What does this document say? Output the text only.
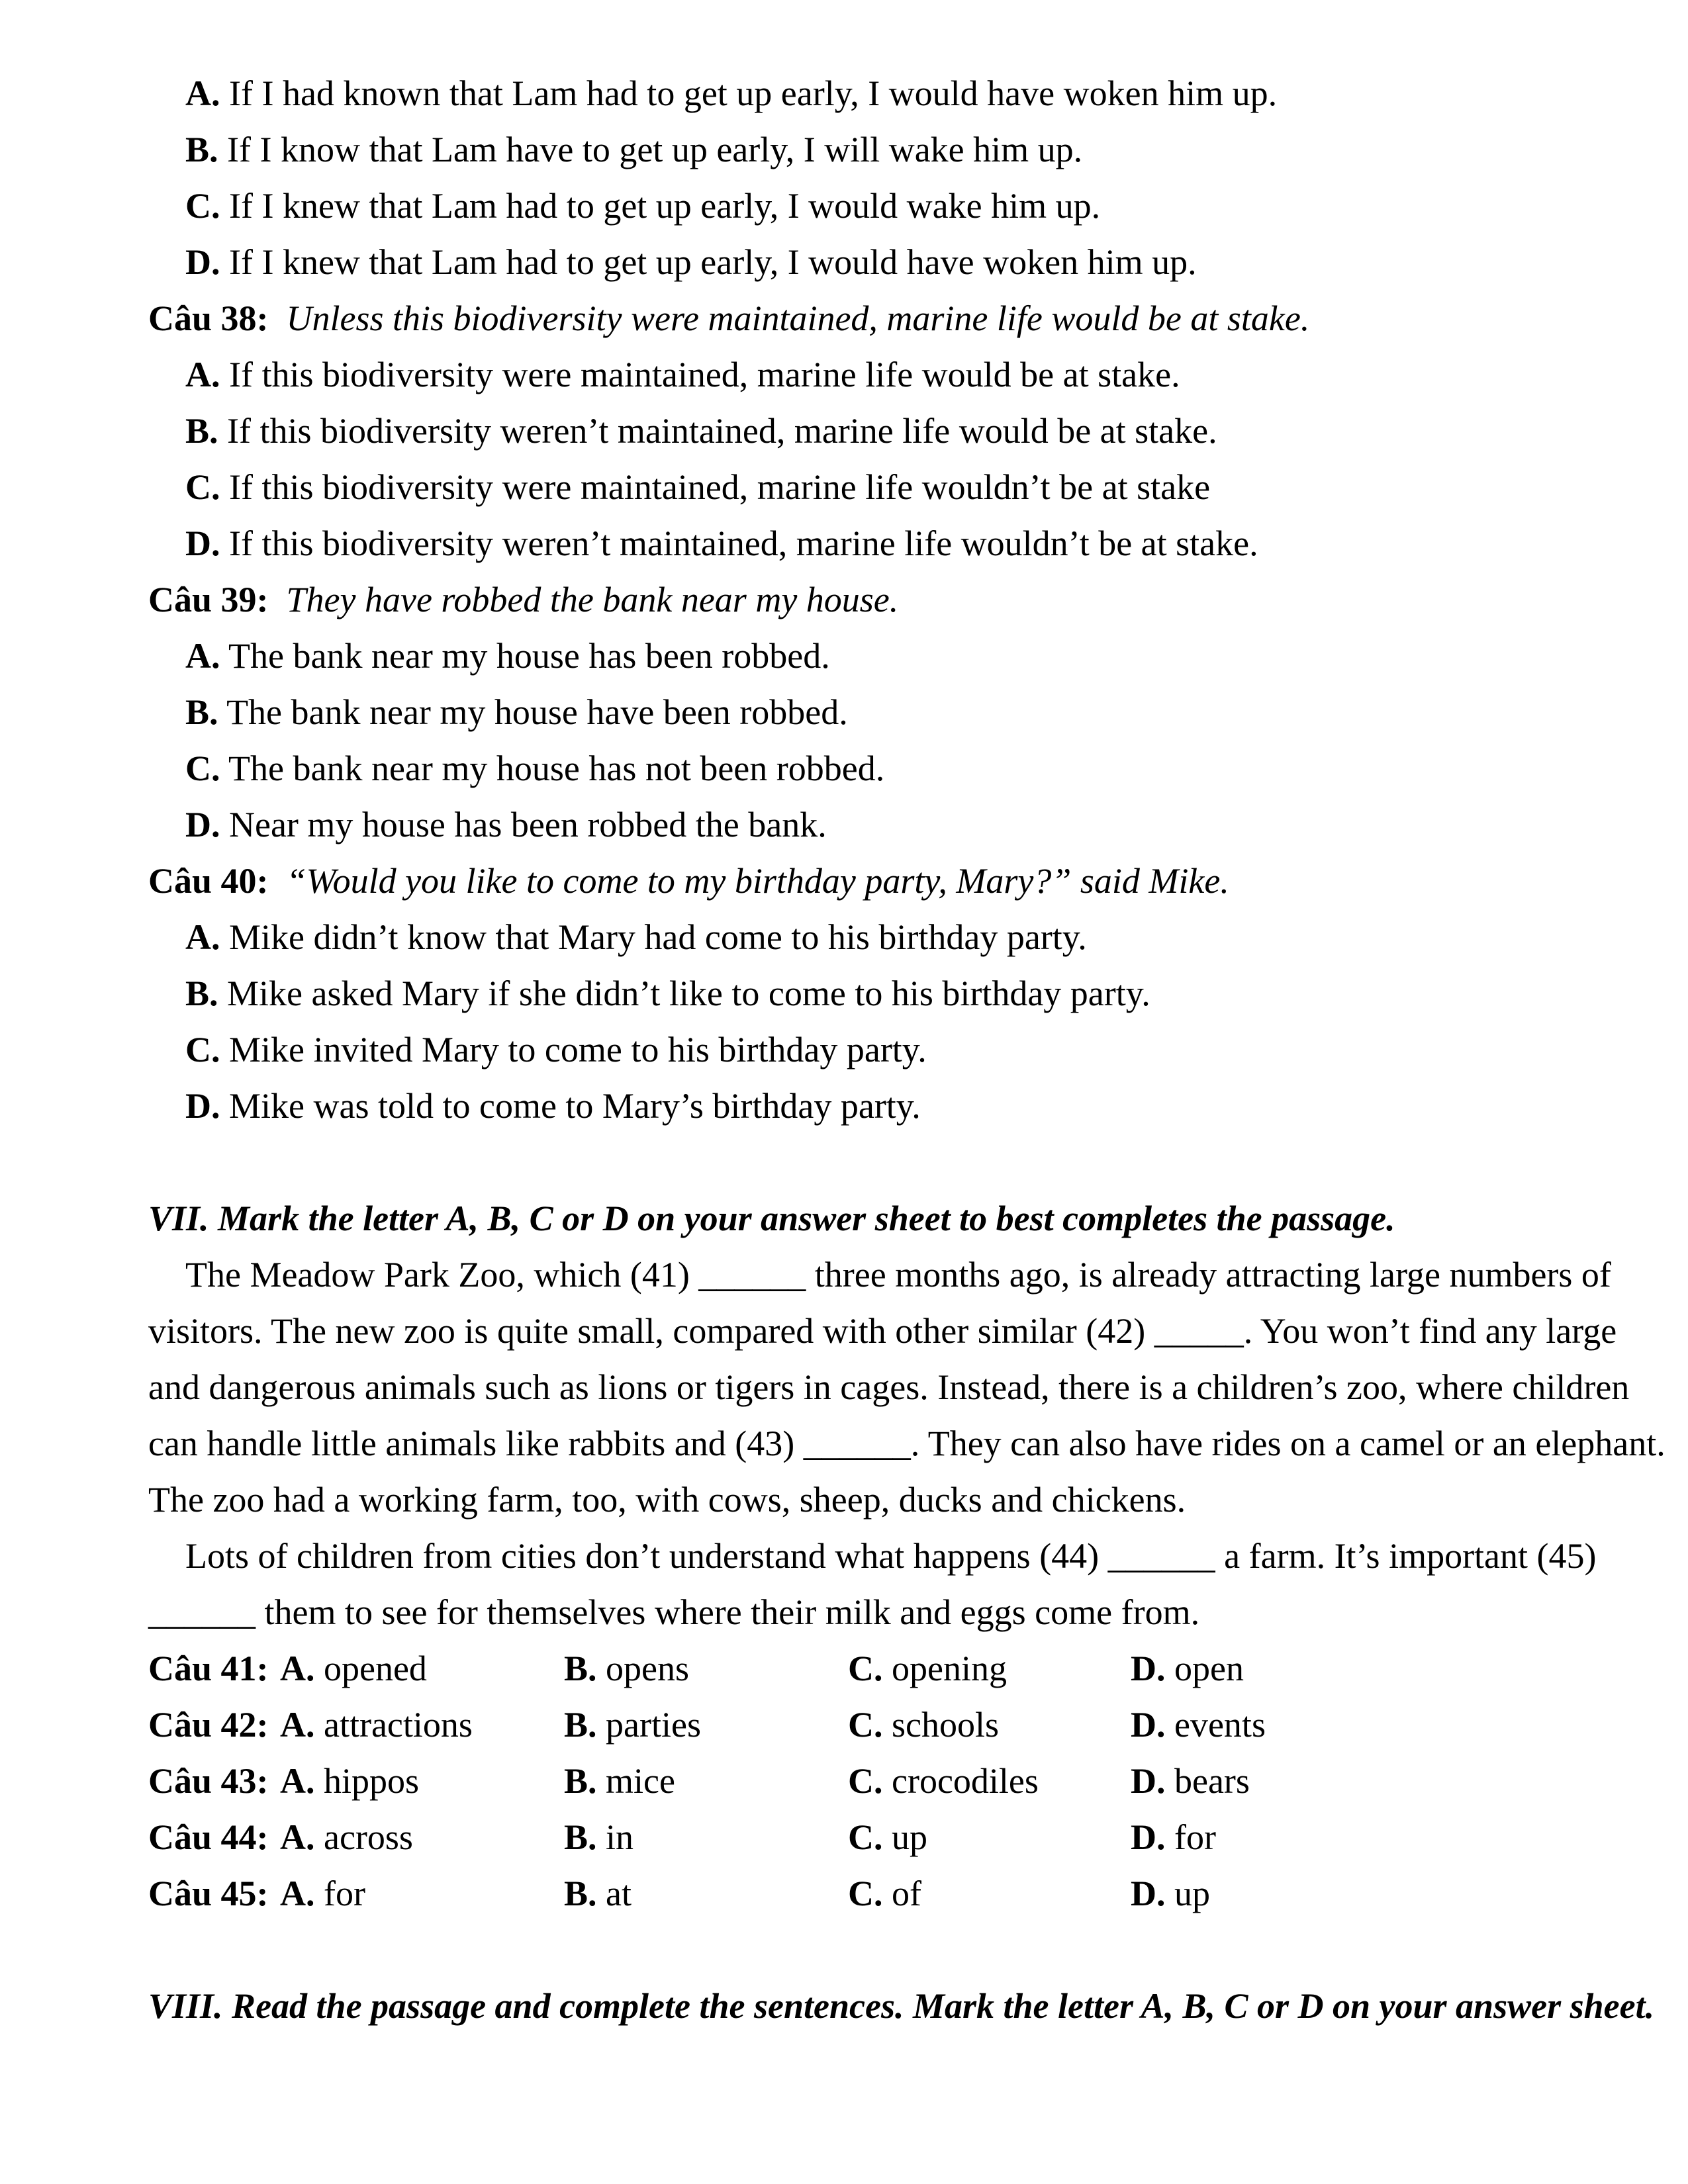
A. If I had known that Lam had to get up early, I would have woken him up.
B. If I know that Lam have to get up early, I will wake him up.
C. If I knew that Lam had to get up early, I would wake him up.
D. If I knew that Lam had to get up early, I would have woken him up.
Câu 38: Unless this biodiversity were maintained, marine life would be at stake.
A. If this biodiversity were maintained, marine life would be at stake.
B. If this biodiversity weren’t maintained, marine life would be at stake.
C. If this biodiversity were maintained, marine life wouldn’t be at stake
D. If this biodiversity weren’t maintained, marine life wouldn’t be at stake.
Câu 39: They have robbed the bank near my house.
A. The bank near my house has been robbed.
B. The bank near my house have been robbed.
C. The bank near my house has not been robbed.
D. Near my house has been robbed the bank.
Câu 40: “Would you like to come to my birthday party, Mary?” said Mike.
A. Mike didn’t know that Mary had come to his birthday party.
B. Mike asked Mary if she didn’t like to come to his birthday party.
C. Mike invited Mary to come to his birthday party.
D. Mike was told to come to Mary’s birthday party.
VII. Mark the letter A, B, C or D on your answer sheet to best completes the passage.
The Meadow Park Zoo, which (41) ______ three months ago, is already attracting large numbers of
visitors. The new zoo is quite small, compared with other similar (42) _____. You won’t find any large
and dangerous animals such as lions or tigers in cages. Instead, there is a children’s zoo, where children
can handle little animals like rabbits and (43) ______. They can also have rides on a camel or an elephant.
The zoo had a working farm, too, with cows, sheep, ducks and chickens.
Lots of children from cities don’t understand what happens (44) ______ a farm. It’s important (45)
______ them to see for themselves where their milk and eggs come from.
Câu 41: A. opened	B. opens	C. opening	D. open
Câu 42: A. attractions	B. parties	C. schools	D. events
Câu 43: A. hippos	B. mice	C. crocodiles	D. bears
Câu 44: A. across	B. in	C. up	D. for
Câu 45: A. for	B. at	C. of	D. up
VIII. Read the passage and complete the sentences. Mark the letter A, B, C or D on your answer sheet.
